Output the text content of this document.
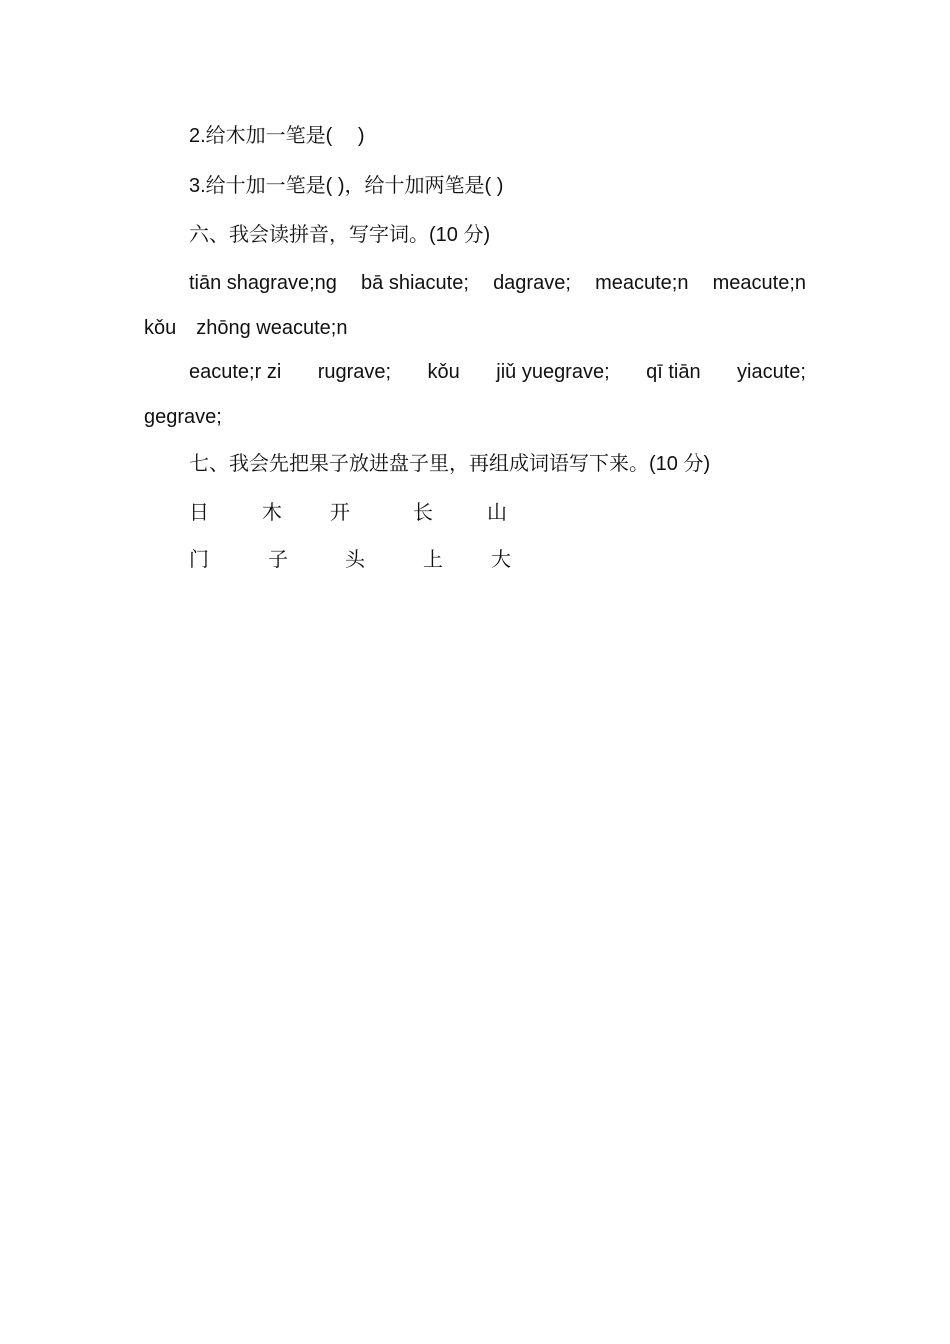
2.给木加一笔是(　 )
3.给十加一笔是( )，给十加两笔是( )
六、我会读拼音，写字词。(10 分)
tiān shagrave;ng bā shiacute; dagrave; meacute;n meacute;n
kǒu　zhōng weacute;n
eacute;r zi rugrave; kǒu jiǔ yuegrave; qī tiān yiacute;
gegrave;
七、我会先把果子放进盘子里，再组成词语写下来。(10 分)
日	木 开	长	山
门	子	头	上 大
